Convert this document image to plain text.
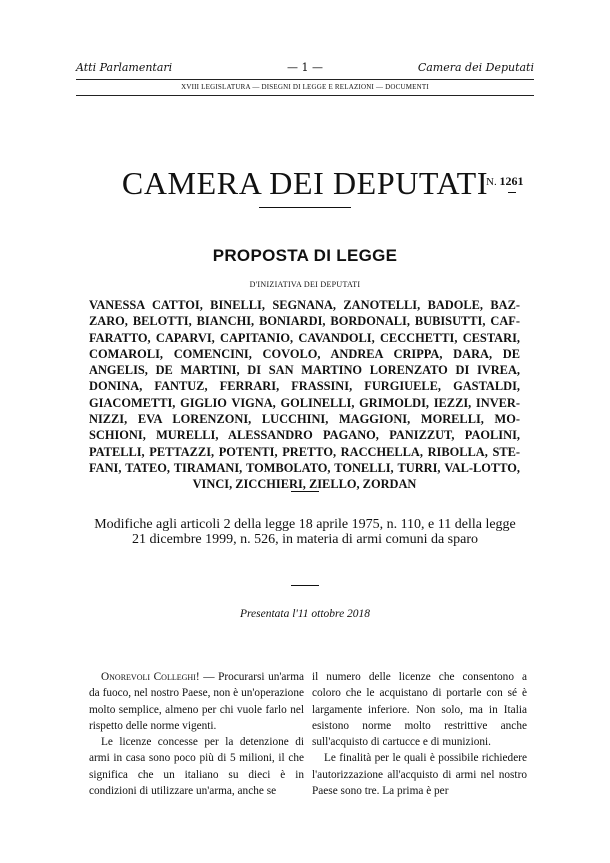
Atti Parlamentari	— 1 —	Camera dei Deputati
XVIII LEGISLATURA — DISEGNI DI LEGGE E RELAZIONI — DOCUMENTI
CAMERA DEI DEPUTATI
N. 1261
PROPOSTA DI LEGGE
D'INIZIATIVA DEI DEPUTATI
VANESSA CATTOI, BINELLI, SEGNANA, ZANOTELLI, BADOLE, BAZ-ZARO, BELOTTI, BIANCHI, BONIARDI, BORDONALI, BUBISUTTI, CAF-FARATTO, CAPARVI, CAPITANIO, CAVANDOLI, CECCHETTI, CESTARI, COMAROLI, COMENCINI, COVOLO, ANDREA CRIPPA, DARA, DE ANGELIS, DE MARTINI, DI SAN MARTINO LORENZATO DI IVREA, DONINA, FANTUZ, FERRARI, FRASSINI, FURGIUELE, GASTALDI, GIACOMETTI, GIGLIO VIGNA, GOLINELLI, GRIMOLDI, IEZZI, INVER-NIZZI, EVA LORENZONI, LUCCHINI, MAGGIONI, MORELLI, MO-SCHIONI, MURELLI, ALESSANDRO PAGANO, PANIZZUT, PAOLINI, PATELLI, PETTAZZI, POTENTI, PRETTO, RACCHELLA, RIBOLLA, STE-FANI, TATEO, TIRAMANI, TOMBOLATO, TONELLI, TURRI, VAL-LOTTO, VINCI, ZICCHIERI, ZIELLO, ZORDAN
Modifiche agli articoli 2 della legge 18 aprile 1975, n. 110, e 11 della legge 21 dicembre 1999, n. 526, in materia di armi comuni da sparo
Presentata l'11 ottobre 2018

Onorevoli Colleghi! — Procurarsi un'arma da fuoco, nel nostro Paese, non è un'operazione molto semplice, almeno per chi vuole farlo nel rispetto delle norme vigenti.

Le licenze concesse per la detenzione di armi in casa sono poco più di 5 milioni, il che significa che un italiano su dieci è in condizioni di utilizzare un'arma, anche se

il numero delle licenze che consentono a coloro che le acquistano di portarle con sé è largamente inferiore. Non solo, ma in Italia esistono norme molto restrittive anche sull'acquisto di cartucce e di munizioni.

Le finalità per le quali è possibile richiedere l'autorizzazione all'acquisto di armi nel nostro Paese sono tre. La prima è per
